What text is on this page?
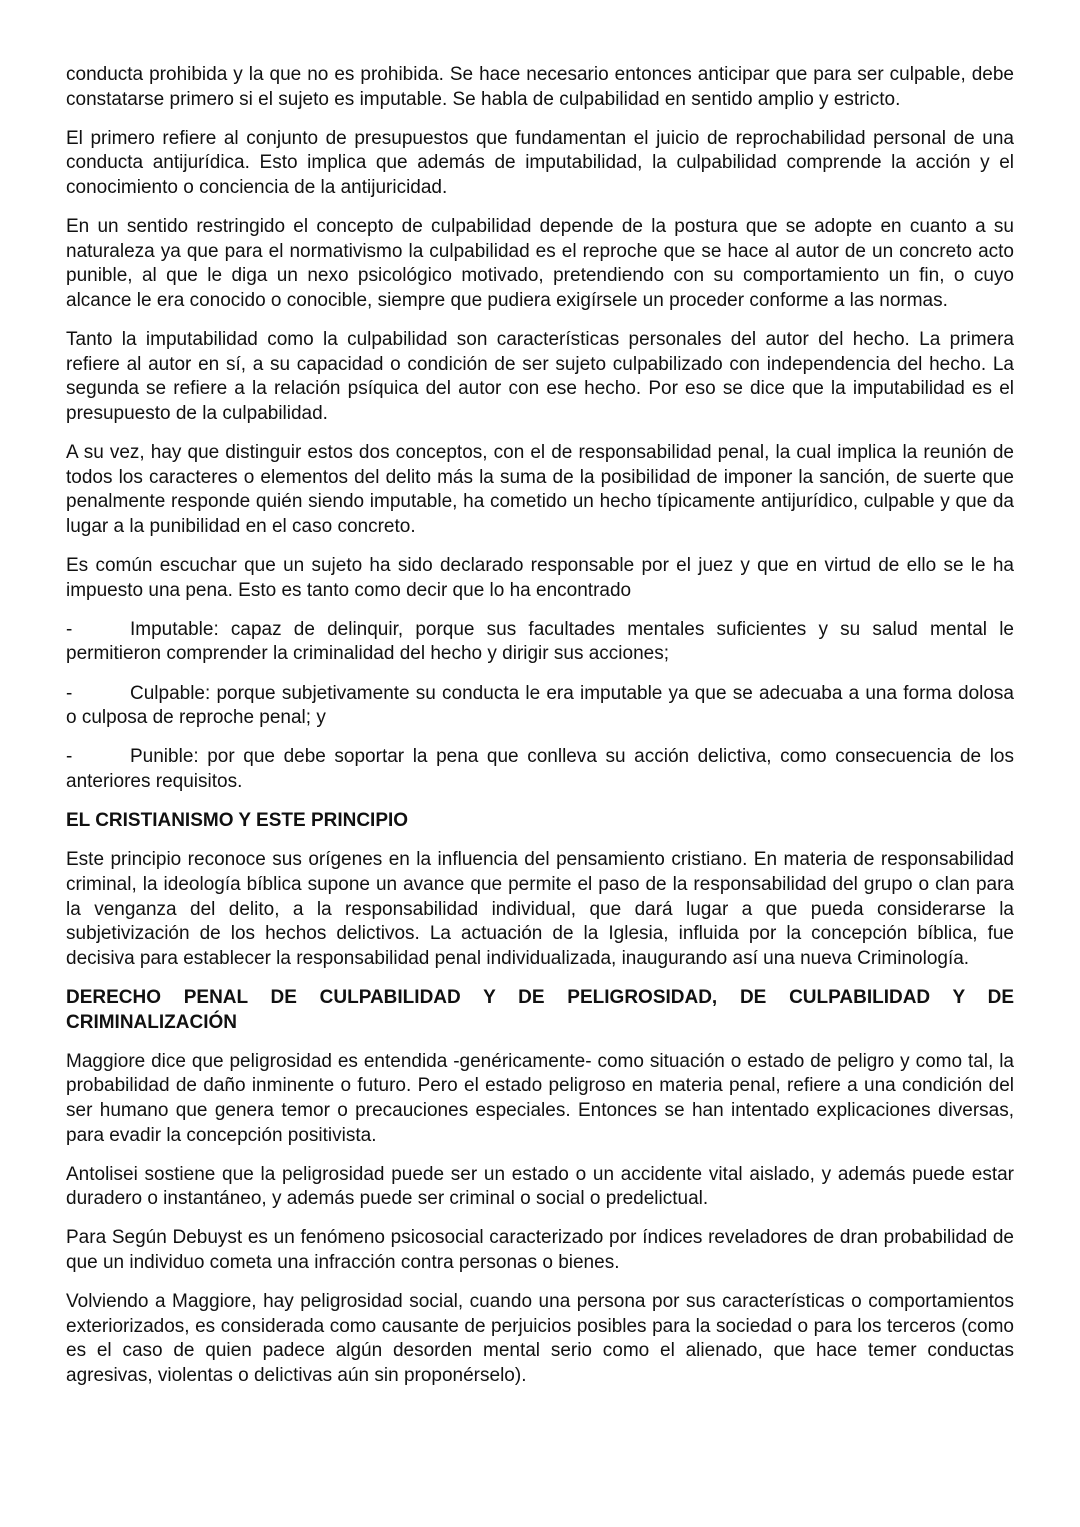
conducta prohibida y la que no es prohibida. Se hace necesario entonces anticipar que para ser culpable, debe constatarse primero si el sujeto es imputable. Se habla de culpabilidad en sentido amplio y estricto.

El primero refiere al conjunto de presupuestos que fundamentan el juicio de reprochabilidad personal de una conducta antijurídica. Esto implica que además de imputabilidad, la culpabilidad comprende la acción y el conocimiento o conciencia de la antijuricidad.

En un sentido restringido el concepto de culpabilidad depende de la postura que se adopte en cuanto a su naturaleza ya que para el normativismo la culpabilidad es el reproche que se hace al autor de un concreto acto punible, al que le diga un nexo psicológico motivado, pretendiendo con su comportamiento un fin, o cuyo alcance le era conocido o conocible, siempre que pudiera exigírsele un proceder conforme a las normas.

Tanto la imputabilidad como la culpabilidad son características personales del autor del hecho. La primera refiere al autor en sí, a su capacidad o condición de ser sujeto culpabilizado con independencia del hecho. La segunda se refiere a la relación psíquica del autor con ese hecho. Por eso se dice que la imputabilidad es el presupuesto de la culpabilidad.

A su vez, hay que distinguir estos dos conceptos, con el de responsabilidad penal, la cual implica la reunión de todos los caracteres o elementos del delito más la suma de la posibilidad de imponer la sanción, de suerte que penalmente responde quién siendo imputable, ha cometido un hecho típicamente antijurídico, culpable y que da lugar a la punibilidad en el caso concreto.

Es común escuchar que un sujeto ha sido declarado responsable por el juez y que en virtud de ello se le ha impuesto una pena. Esto es tanto como decir que lo ha encontrado

-	Imputable: capaz de delinquir, porque sus facultades mentales suficientes y su salud mental le permitieron comprender la criminalidad del hecho y dirigir sus acciones;

-	Culpable: porque subjetivamente su conducta le era imputable ya que se adecuaba a una forma dolosa o culposa de reproche penal; y

-	Punible: por que debe soportar la pena que conlleva su acción delictiva, como consecuencia de los anteriores requisitos.

EL CRISTIANISMO Y ESTE PRINCIPIO

Este principio reconoce sus orígenes en la influencia del pensamiento cristiano. En materia de responsabilidad criminal, la ideología bíblica supone un avance que permite el paso de la responsabilidad del grupo o clan para la venganza del delito, a la responsabilidad individual, que dará lugar a que pueda considerarse la subjetivización de los hechos delictivos. La actuación de la Iglesia, influida por la concepción bíblica, fue decisiva para establecer la responsabilidad penal individualizada, inaugurando así una nueva Criminología.

DERECHO PENAL DE CULPABILIDAD Y DE PELIGROSIDAD, DE CULPABILIDAD Y DE CRIMINALIZACIÓN

Maggiore dice que peligrosidad es entendida -genéricamente- como situación o estado de peligro y como tal, la probabilidad de daño inminente o futuro. Pero el estado peligroso en materia penal, refiere a una condición del ser humano que genera temor o precauciones especiales. Entonces se han intentado explicaciones diversas, para evadir la concepción positivista.

Antolisei sostiene que la peligrosidad puede ser un estado o un accidente vital aislado, y además puede estar duradero o instantáneo, y además puede ser criminal o social o predelictual.

Para Según Debuyst es un fenómeno psicosocial caracterizado por índices reveladores de dran probabilidad de que un individuo cometa una infracción contra personas o bienes.

Volviendo a Maggiore, hay peligrosidad social, cuando una persona por sus características o comportamientos exteriorizados, es considerada como causante de perjuicios posibles para la sociedad o para los terceros (como es el caso de quien padece algún desorden mental serio como el alienado, que hace temer conductas agresivas, violentas o delictivas aún sin proponérselo).
